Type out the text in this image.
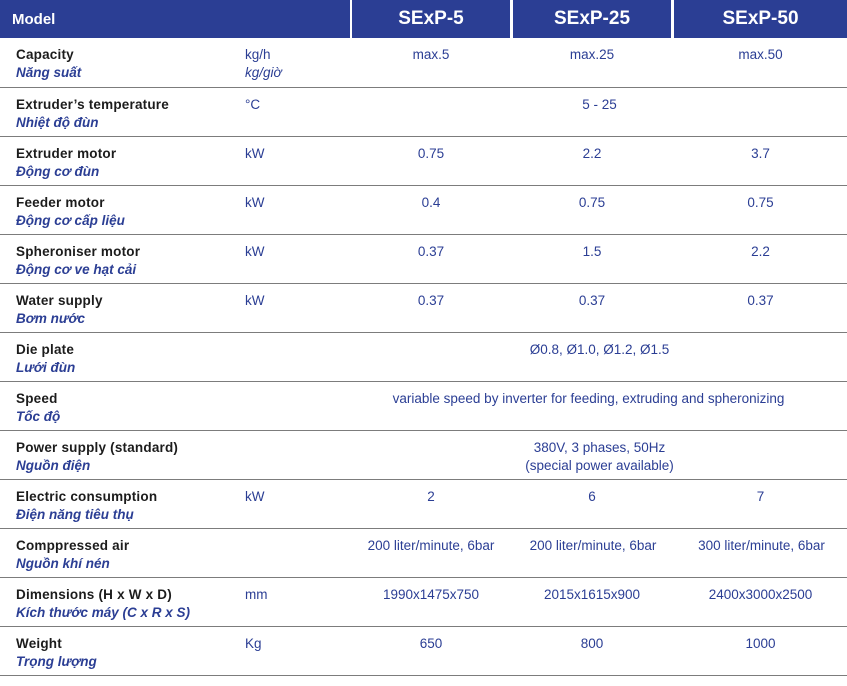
Model	SExP-5	SExP-25	SExP-50
Capacity
Năng suất
kg/h
kg/giờ
max.5	max.25	max.50
Extruder’s temperature
Nhiệt độ đùn
°C	5 - 25
Extruder motor
Động cơ đùn
kW	0.75	2.2	3.7
Feeder motor
Động cơ cấp liệu
kW	0.4	0.75	0.75
Spheroniser motor
Động cơ ve hạt cải
kW	0.37	1.5	2.2
Water supply
Bơm nước
kW	0.37	0.37	0.37
Die plate
Lưới đùn
Ø0.8, Ø1.0, Ø1.2, Ø1.5
Speed
Tốc độ
variable speed by inverter for feeding, extruding and spheronizing
Power supply (standard)
Nguồn điện
380V, 3 phases, 50Hz
(special power available)
Electric consumption
Điện năng tiêu thụ
kW	2	6	7
Comppressed air
Nguồn khí nén
200 liter/minute, 6bar	200 liter/minute, 6bar	300 liter/minute, 6bar
Dimensions (H x W x D)
Kích thước máy (C x R x S)
mm	1990x1475x750	2015x1615x900	2400x3000x2500
Weight
Trọng lượng
Kg	650	800	1000
